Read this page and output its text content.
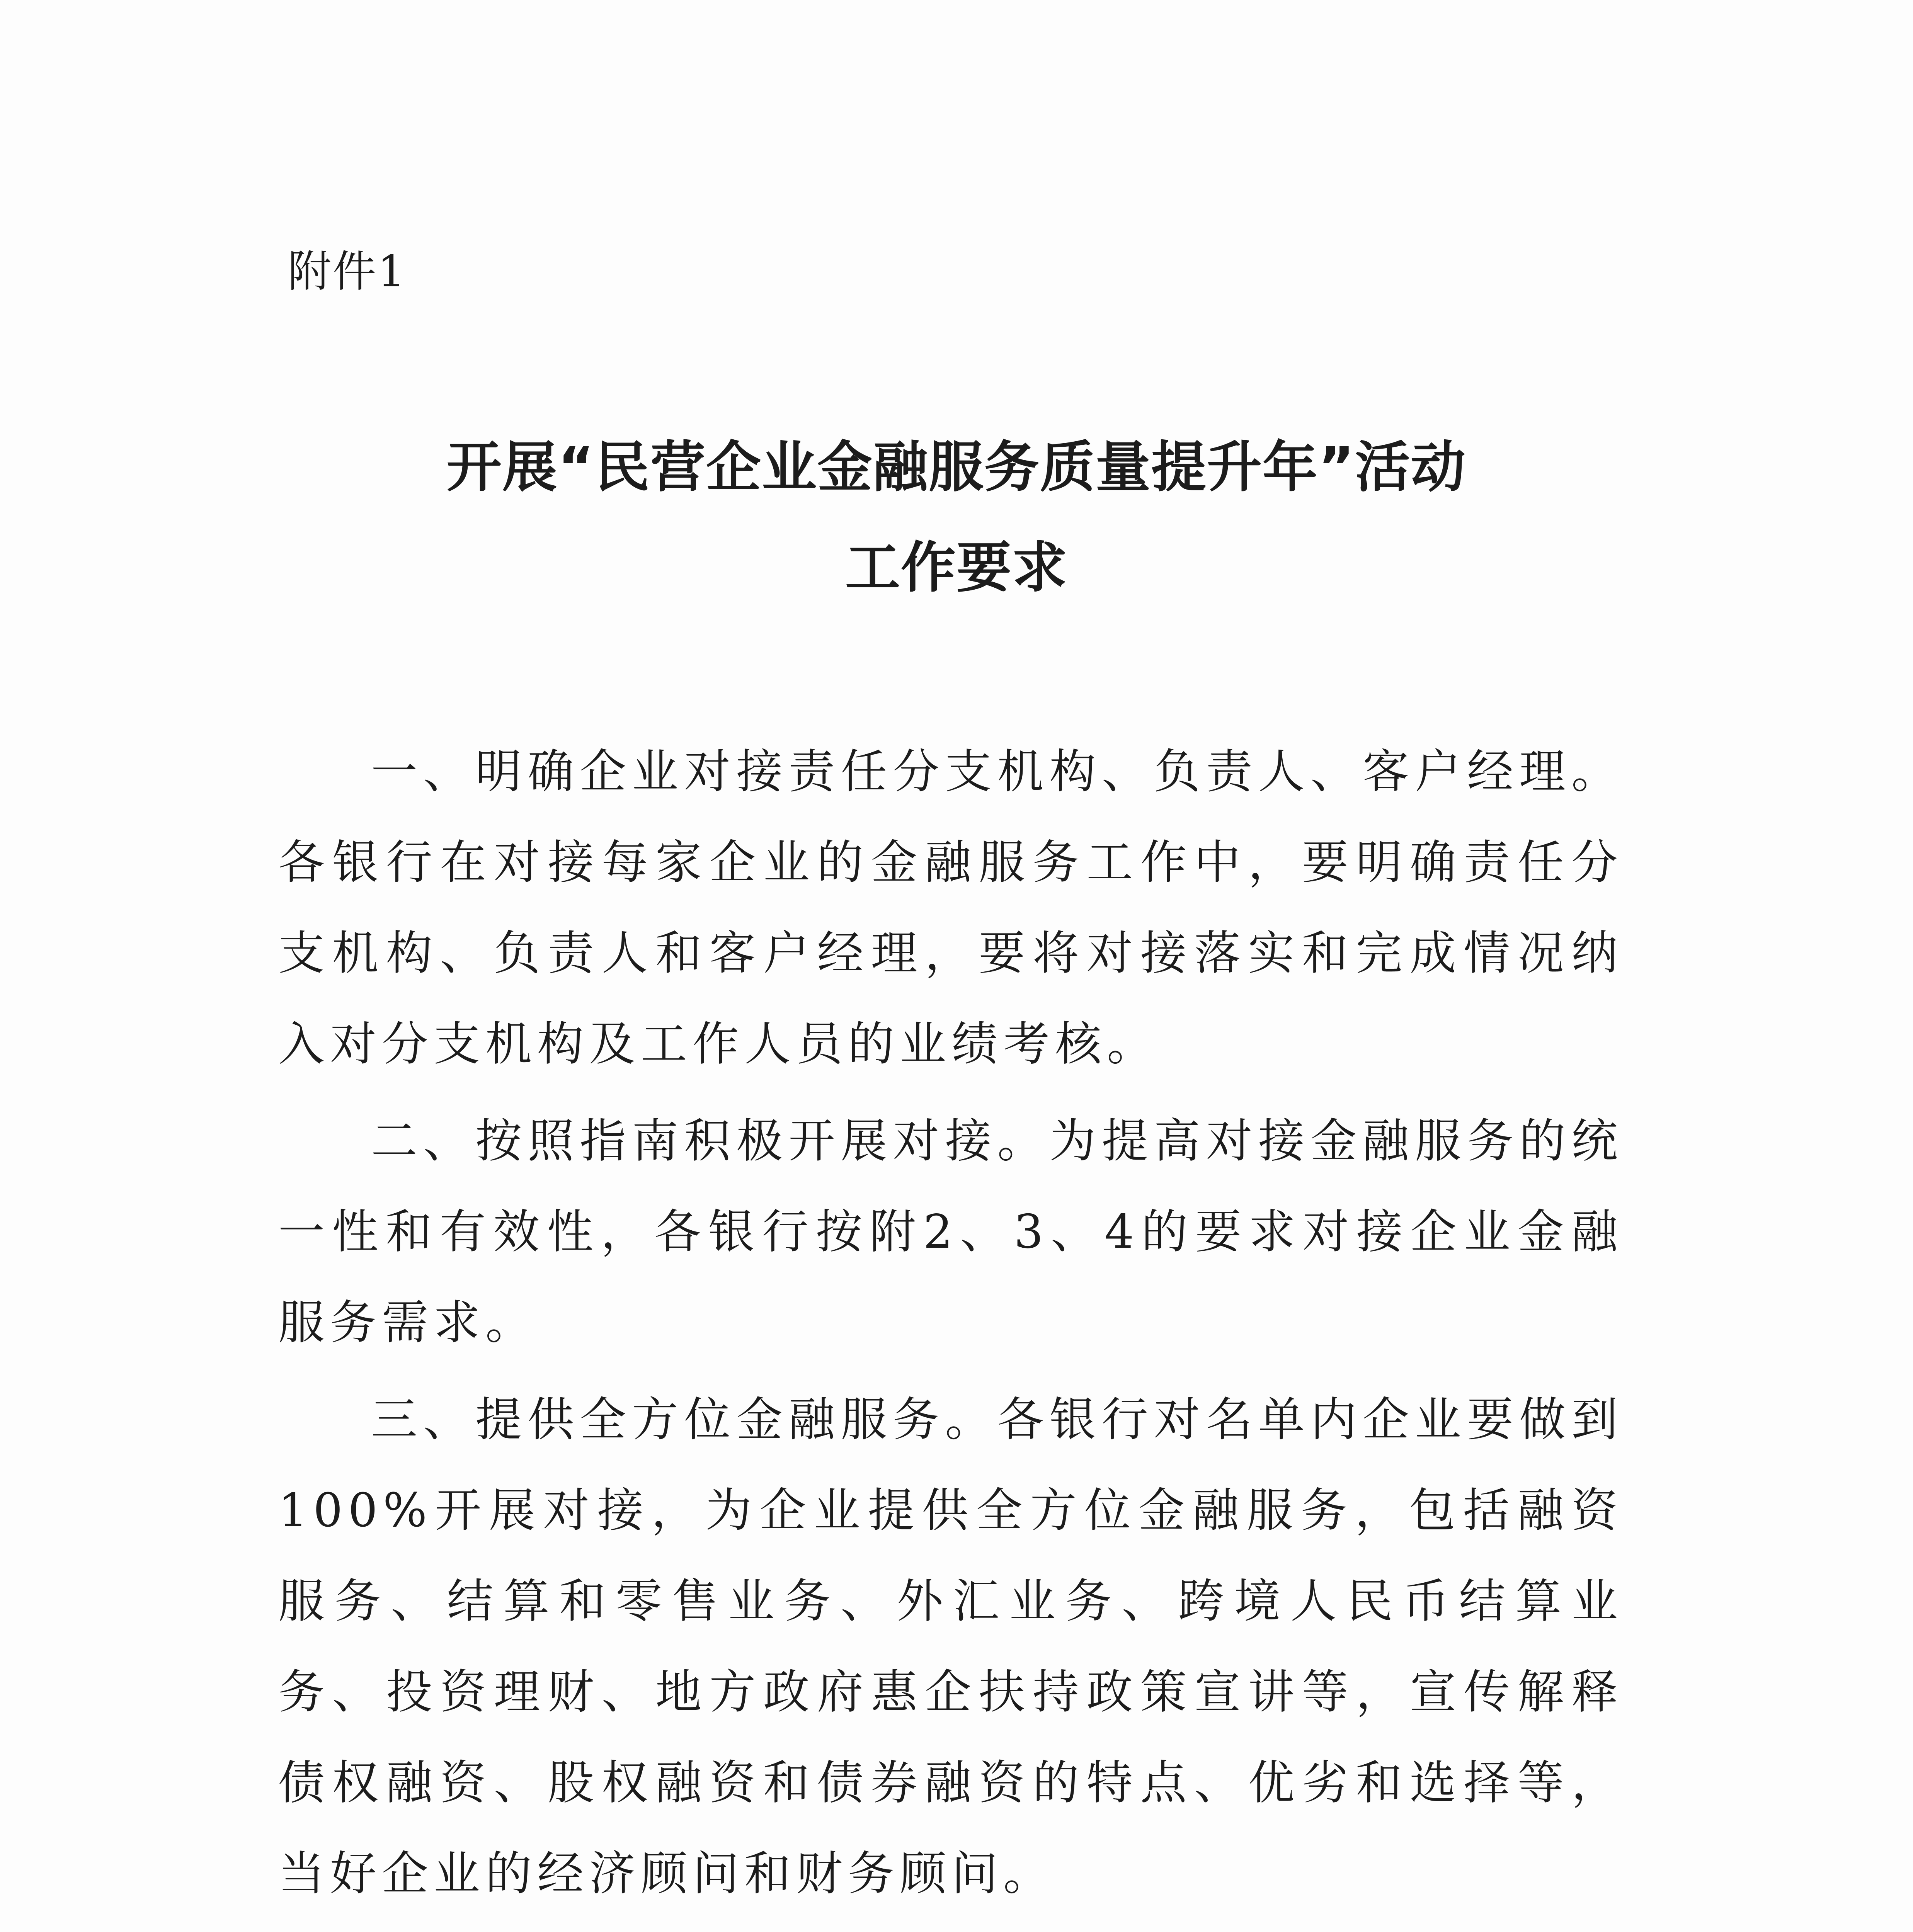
附件1
开展“民营企业金融服务质量提升年”活动
工作要求

一、明确企业对接责任分支机构、负责人、客户经理。各银行在对接每家企业的金融服务工作中，要明确责任分支机构、负责人和客户经理，要将对接落实和完成情况纳入对分支机构及工作人员的业绩考核。

二、按照指南积极开展对接。为提高对接金融服务的统一性和有效性，各银行按附2、3、4的要求对接企业金融服务需求。

三、提供全方位金融服务。各银行对名单内企业要做到100%开展对接，为企业提供全方位金融服务，包括融资服务、结算和零售业务、外汇业务、跨境人民币结算业务、投资理财、地方政府惠企扶持政策宣讲等，宣传解释债权融资、股权融资和债券融资的特点、优劣和选择等，当好企业的经济顾问和财务顾问。
